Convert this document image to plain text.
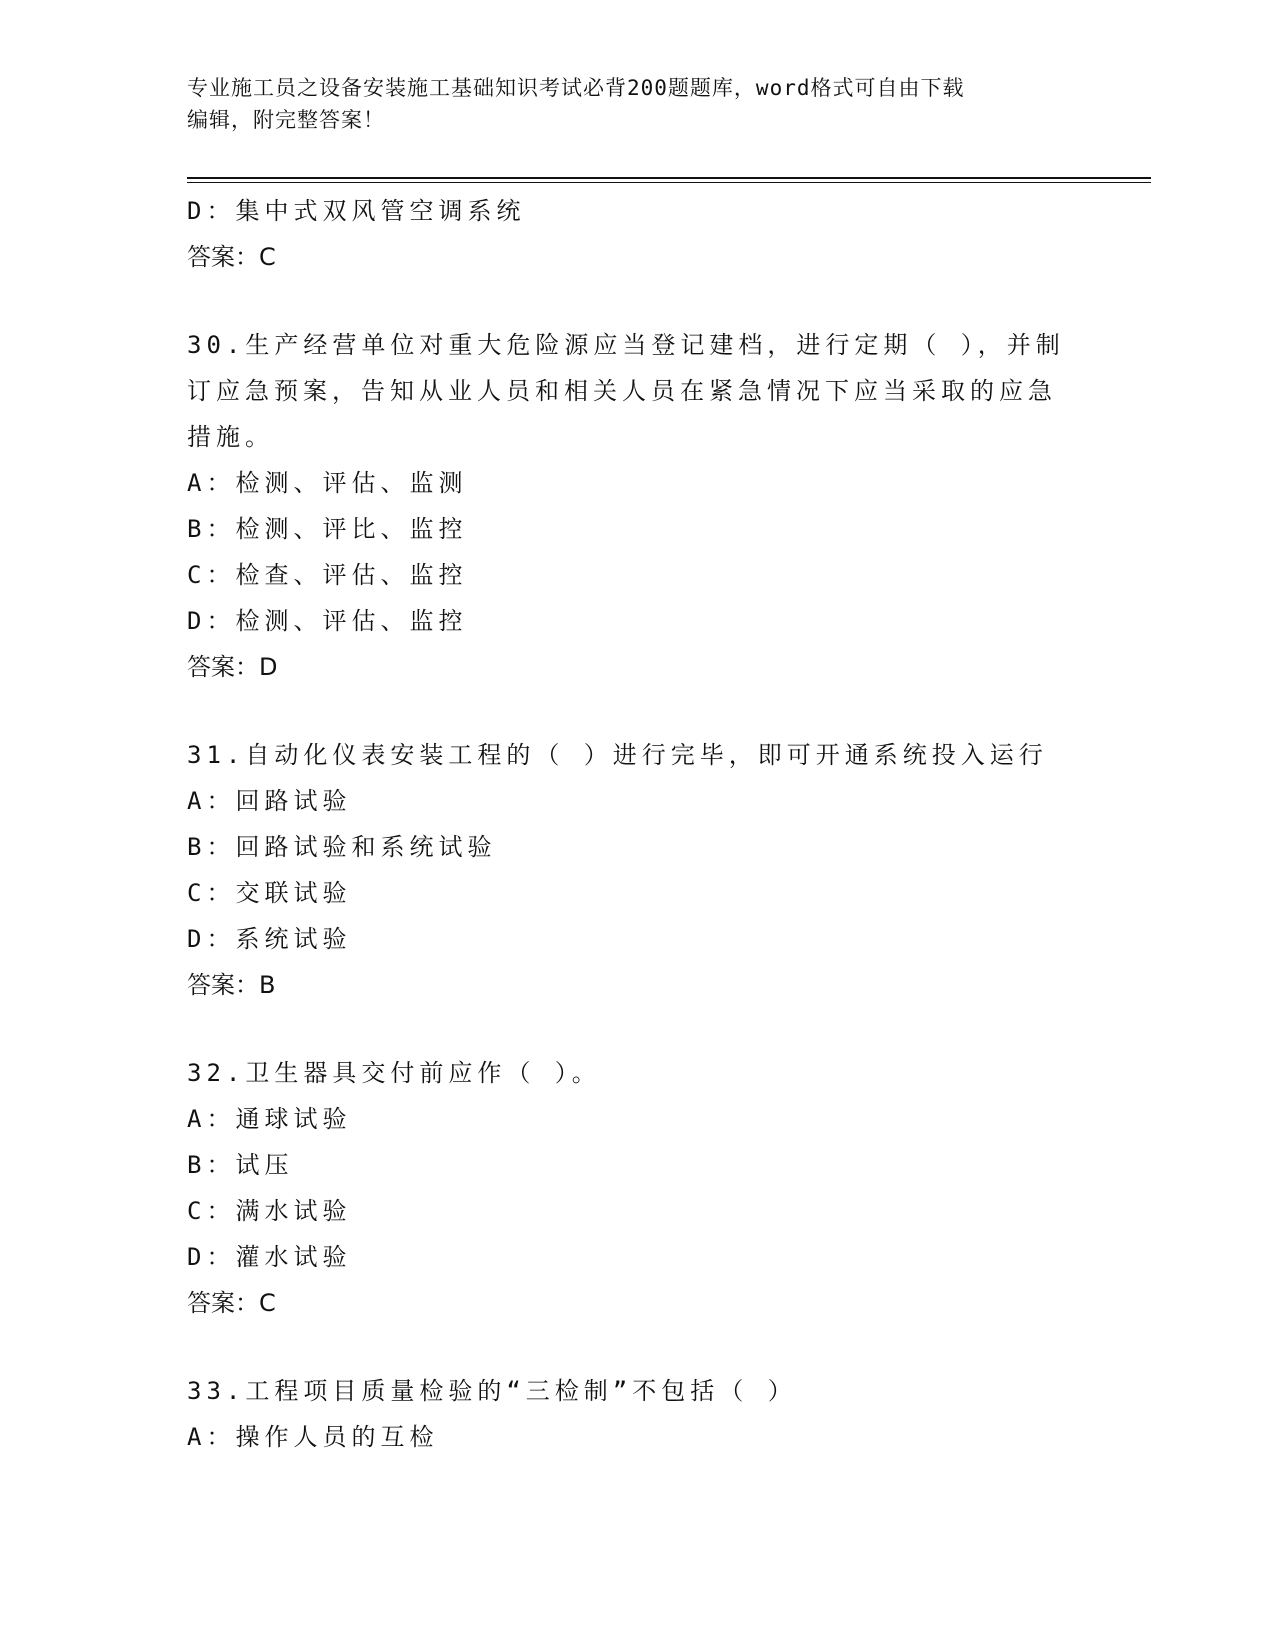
专业施工员之设备安装施工基础知识考试必背200题题库，word格式可自由下载
编辑，附完整答案！
D：集中式双风管空调系统
答案：C
30.生产经营单位对重大危险源应当登记建档，进行定期（ ），并制订应急预案，告知从业人员和相关人员在紧急情况下应当采取的应急措施。
A：检测、评估、监测
B：检测、评比、监控
C：检查、评估、监控
D：检测、评估、监控
答案：D
31.自动化仪表安装工程的（ ）进行完毕，即可开通系统投入运行
A：回路试验
B：回路试验和系统试验
C：交联试验
D：系统试验
答案：B
32.卫生器具交付前应作（ ）。
A：通球试验
B：试压
C：满水试验
D：灌水试验
答案：C
33.工程项目质量检验的“三检制”不包括（ ）
A：操作人员的互检
